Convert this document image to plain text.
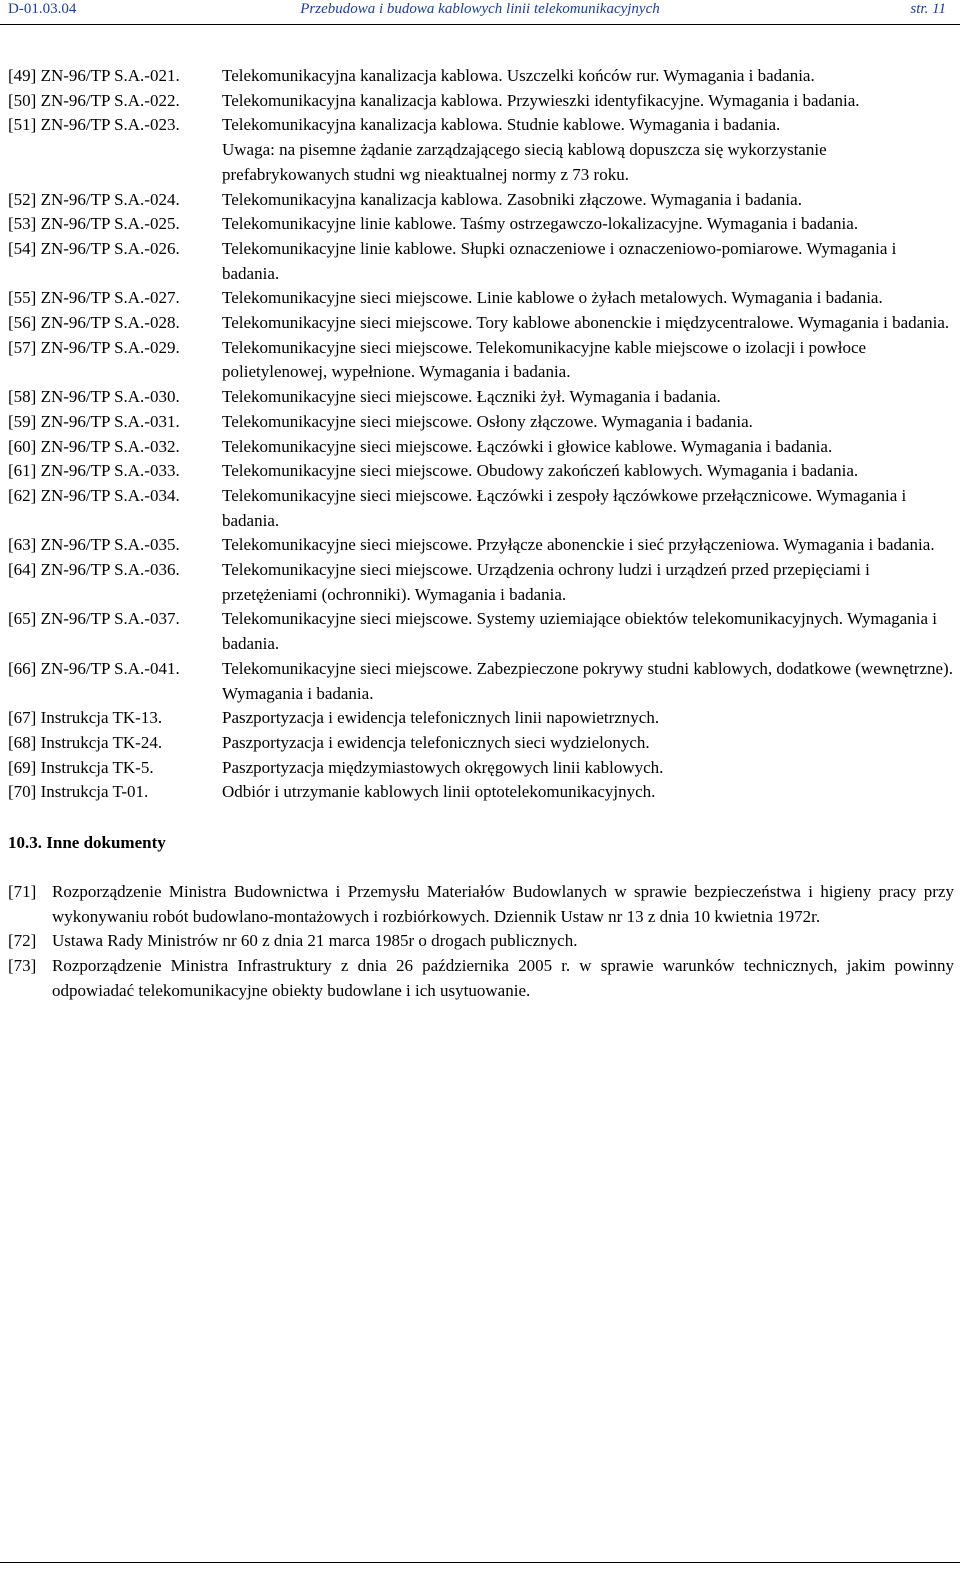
D-01.03.04	Przebudowa i budowa kablowych linii telekomunikacyjnych	str. 11
[49] ZN-96/TP S.A.-021.	Telekomunikacyjna kanalizacja kablowa. Uszczelki końców rur. Wymagania i badania.
[50] ZN-96/TP S.A.-022.	Telekomunikacyjna kanalizacja kablowa. Przywieszki identyfikacyjne. Wymagania i badania.
[51] ZN-96/TP S.A.-023.	Telekomunikacyjna kanalizacja kablowa. Studnie kablowe. Wymagania i badania.
Uwaga: na pisemne żądanie zarządzającego siecią kablową dopuszcza się wykorzystanie prefabrykowanych studni wg nieaktualnej normy z 73 roku.
[52] ZN-96/TP S.A.-024.	Telekomunikacyjna kanalizacja kablowa. Zasobniki złączowe. Wymagania i badania.
[53] ZN-96/TP S.A.-025.	Telekomunikacyjne linie kablowe. Taśmy ostrzegawczo-lokalizacyjne. Wymagania i badania.
[54] ZN-96/TP S.A.-026.	Telekomunikacyjne linie kablowe. Słupki oznaczeniowe i oznaczeniowo-pomiarowe. Wymagania i badania.
[55] ZN-96/TP S.A.-027.	Telekomunikacyjne sieci miejscowe. Linie kablowe o żyłach metalowych. Wymagania i badania.
[56] ZN-96/TP S.A.-028.	Telekomunikacyjne sieci miejscowe. Tory kablowe abonenckie i międzycentralowe. Wymagania i badania.
[57] ZN-96/TP S.A.-029.	Telekomunikacyjne sieci miejscowe. Telekomunikacyjne kable miejscowe o izolacji i powłoce polietylenowej, wypełnione. Wymagania i badania.
[58] ZN-96/TP S.A.-030.	Telekomunikacyjne sieci miejscowe. Łączniki żył. Wymagania i badania.
[59] ZN-96/TP S.A.-031.	Telekomunikacyjne sieci miejscowe. Osłony złączowe. Wymagania i badania.
[60] ZN-96/TP S.A.-032.	Telekomunikacyjne sieci miejscowe. Łączówki i głowice kablowe. Wymagania i badania.
[61] ZN-96/TP S.A.-033.	Telekomunikacyjne sieci miejscowe. Obudowy zakończeń kablowych. Wymagania i badania.
[62] ZN-96/TP S.A.-034.	Telekomunikacyjne sieci miejscowe. Łączówki i zespoły łączówkowe przełącznicowe. Wymagania i badania.
[63] ZN-96/TP S.A.-035.	Telekomunikacyjne sieci miejscowe. Przyłącze abonenckie i sieć przyłączeniowa. Wymagania i badania.
[64] ZN-96/TP S.A.-036.	Telekomunikacyjne sieci miejscowe. Urządzenia ochrony ludzi i urządzeń przed przepięciami i przetężeniami (ochronniki). Wymagania i badania.
[65] ZN-96/TP S.A.-037.	Telekomunikacyjne sieci miejscowe. Systemy uziemiające obiektów telekomunikacyjnych. Wymagania i badania.
[66] ZN-96/TP S.A.-041.	Telekomunikacyjne sieci miejscowe. Zabezpieczone pokrywy studni kablowych, dodatkowe (wewnętrzne). Wymagania i badania.
[67] Instrukcja TK-13.	Paszportyzacja i ewidencja telefonicznych linii napowietrznych.
[68] Instrukcja TK-24.	Paszportyzacja i ewidencja telefonicznych sieci wydzielonych.
[69] Instrukcja TK-5.	Paszportyzacja międzymiastowych okręgowych linii kablowych.
[70] Instrukcja T-01.	Odbiór i utrzymanie kablowych linii optotelekomunikacyjnych.
10.3. Inne dokumenty
[71] Rozporządzenie Ministra Budownictwa i Przemysłu Materiałów Budowlanych w sprawie bezpieczeństwa i higieny pracy przy wykonywaniu robót budowlano-montażowych i rozbiórkowych. Dziennik Ustaw nr 13 z dnia 10 kwietnia 1972r.
[72] Ustawa Rady Ministrów nr 60 z dnia 21 marca 1985r o drogach publicznych.
[73] Rozporządzenie Ministra Infrastruktury z dnia 26 października 2005 r. w sprawie warunków technicznych, jakim powinny odpowiadać telekomunikacyjne obiekty budowlane i ich usytuowanie.
